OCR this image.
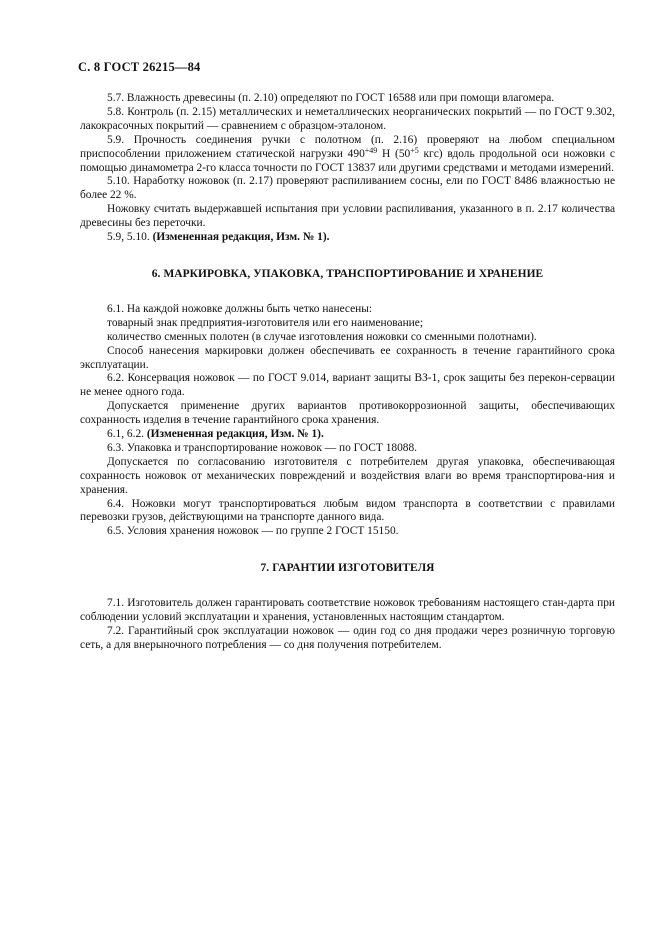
С. 8 ГОСТ 26215—84

5.7. Влажность древесины (п. 2.10) определяют по ГОСТ 16588 или при помощи влагомера.

5.8. Контроль (п. 2.15) металлических и неметаллических неорганических покрытий — по ГОСТ 9.302, лакокрасочных покрытий — сравнением с образцом-эталоном.

5.9. Прочность соединения ручки с полотном (п. 2.16) проверяют на любом специальном приспособлении приложением статической нагрузки $490^{+49}$ Н ($50^{+5}$ кгс) вдоль продольной оси ножовки с помощью динамометра 2-го класса точности по ГОСТ 13837 или другими средствами и методами измерений.

5.10. Наработку ножовок (п. 2.17) проверяют распиливанием сосны, ели по ГОСТ 8486 влажностью не более 22 %.

Ножовку считать выдержавшей испытания при условии распиливания, указанного в п. 2.17 количества древесины без переточки.

5.9, 5.10. (Измененная редакция, Изм. № 1).

6. МАРКИРОВКА, УПАКОВКА, ТРАНСПОРТИРОВАНИЕ И ХРАНЕНИЕ

6.1. На каждой ножовке должны быть четко нанесены:

товарный знак предприятия-изготовителя или его наименование;

количество сменных полотен (в случае изготовления ножовки со сменными полотнами).

Способ нанесения маркировки должен обеспечивать ее сохранность в течение гарантийного срока эксплуатации.

6.2. Консервация ножовок — по ГОСТ 9.014, вариант защиты ВЗ-1, срок защиты без перекон-сервации не менее одного года.

Допускается применение других вариантов противокоррозионной защиты, обеспечивающих сохранность изделия в течение гарантийного срока хранения.

6.1, 6.2. (Измененная редакция, Изм. № 1).

6.3. Упаковка и транспортирование ножовок — по ГОСТ 18088.

Допускается по согласованию изготовителя с потребителем другая упаковка, обеспечивающая сохранность ножовок от механических повреждений и воздействия влаги во время транспортирова-ния и хранения.

6.4. Ножовки могут транспортироваться любым видом транспорта в соответствии с правилами перевозки грузов, действующими на транспорте данного вида.

6.5. Условия хранения ножовок — по группе 2 ГОСТ 15150.

7. ГАРАНТИИ ИЗГОТОВИТЕЛЯ

7.1. Изготовитель должен гарантировать соответствие ножовок требованиям настоящего стан-дарта при соблюдении условий эксплуатации и хранения, установленных настоящим стандартом.

7.2. Гарантийный срок эксплуатации ножовок — один год со дня продажи через розничную торговую сеть, а для внерыночного потребления — со дня получения потребителем.
